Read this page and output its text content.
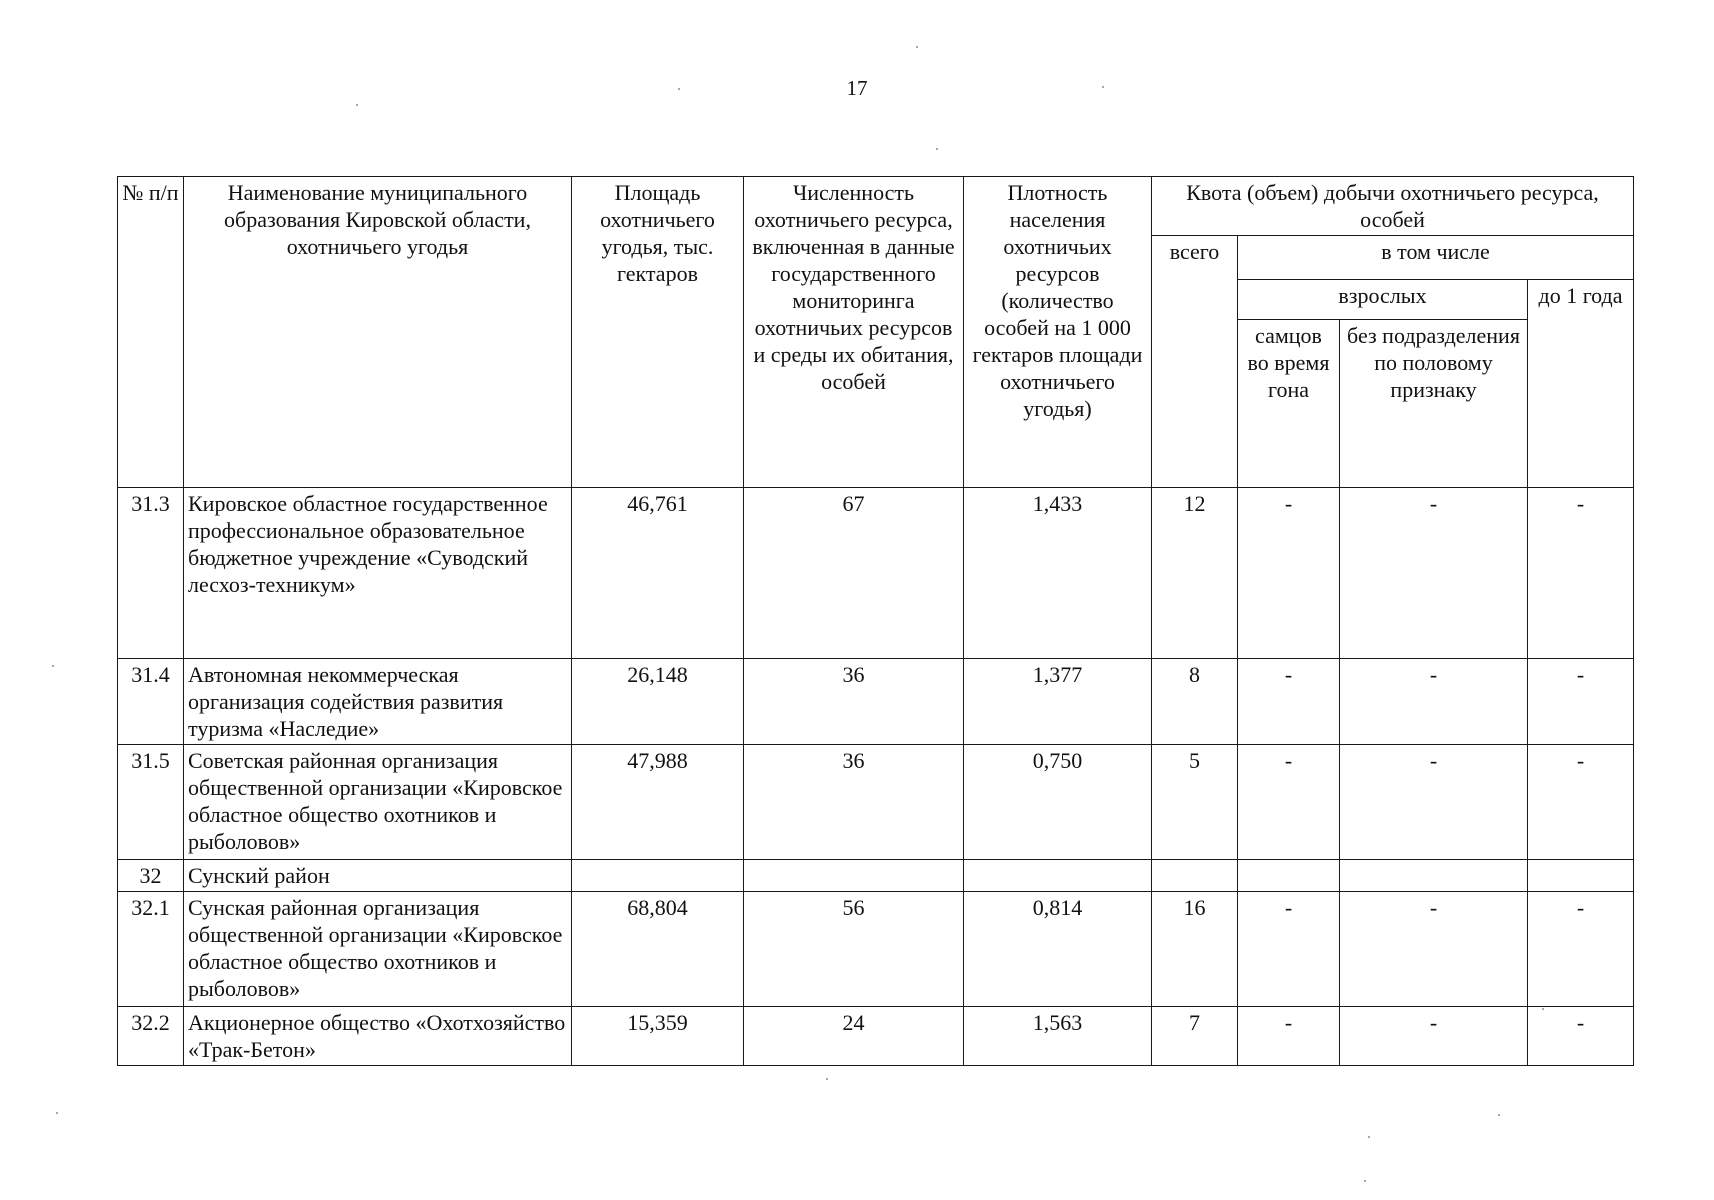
17
№ п/п	Наименование муниципального образования Кировской области, охотничьего угодья	Площадь охотничьего угодья, тыс. гектаров	Численность охотничьего ресурса, включенная в данные государственного мониторинга охотничьих ресурсов и среды их обитания, особей	Плотность населения охотничьих ресурсов (количество особей на 1 000 гектаров площади охотничьего угодья)	Квота (объем) добычи охотничьего ресурса, особей			
					всего	в том числе		
						взрослых		до 1 года
						самцов во время гона	без подразделения по половому признаку	

31.3	Кировское областное государственное профессиональное образовательное бюджетное учреждение «Суводский лесхоз-техникум»	46,761	67	1,433	12	-	-	-
31.4	Автономная некоммерческая организация содействия развития туризма «Наследие»	26,148	36	1,377	8	-	-	-
31.5	Советская районная организация общественной организации «Кировское областное общество охотников и рыболовов»	47,988	36	0,750	5	-	-	-
32	Сунский район							
32.1	Сунская районная организация общественной организации «Кировское областное общество охотников и рыболовов»	68,804	56	0,814	16	-	-	-
32.2	Акционерное общество «Охотхозяйство «Трак-Бетон»	15,359	24	1,563	7	-	-	-
